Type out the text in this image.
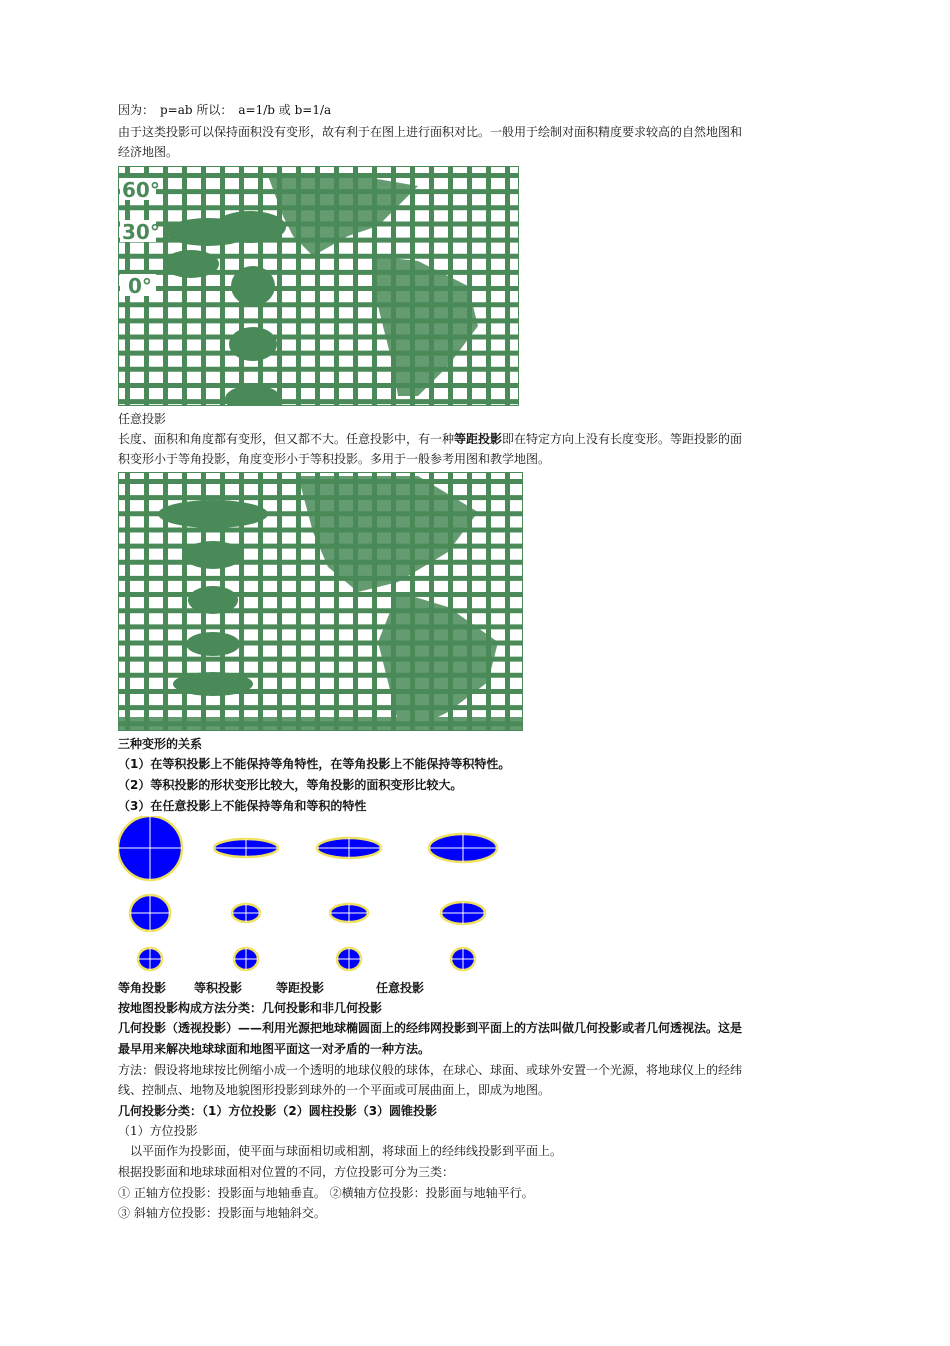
因为：　p=ab 所以：　a=1/b 或 b=1/a
由于这类投影可以保持面积没有变形，故有利于在图上进行面积对比。一般用于绘制对面积精度要求较高的自然地图和
经济地图。
60°
30°
0°
任意投影
长度、面积和角度都有变形，但又都不大。任意投影中，有一种等距投影即在特定方向上没有长度变形。等距投影的面
积变形小于等角投影，角度变形小于等积投影。多用于一般参考用图和教学地图。
三种变形的关系
（1）在等积投影上不能保持等角特性，在等角投影上不能保持等积特性。
（2）等积投影的形状变形比较大，等角投影的面积变形比较大。
（3）在任意投影上不能保持等角和等积的特性
等角投影 等积投影	等距投影	任意投影
按地图投影构成方法分类：几何投影和非几何投影
几何投影（透视投影）——利用光源把地球椭圆面上的经纬网投影到平面上的方法叫做几何投影或者几何透视法。这是
最早用来解决地球球面和地图平面这一对矛盾的一种方法。
方法：假设将地球按比例缩小成一个透明的地球仪般的球体，在球心、球面、或球外安置一个光源，将地球仪上的经纬
线、控制点、地物及地貌图形投影到球外的一个平面或可展曲面上，即成为地图。
几何投影分类：（1）方位投影（2）圆柱投影（3）圆锥投影
（1）方位投影
　以平面作为投影面，使平面与球面相切或相割，将球面上的经纬线投影到平面上。
根据投影面和地球球面相对位置的不同，方位投影可分为三类：
① 正轴方位投影：投影面与地轴垂直。 ②横轴方位投影：投影面与地轴平行。
③ 斜轴方位投影：投影面与地轴斜交。
